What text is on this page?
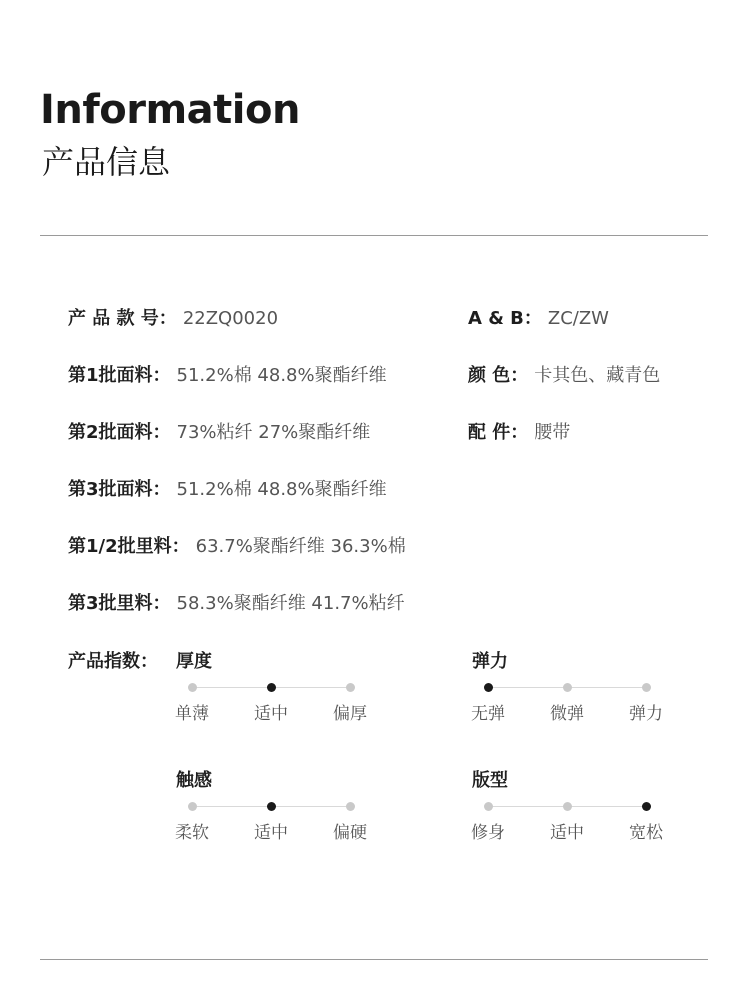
Information
产品信息
产 品 款 号： 22ZQ0020	A & B： ZC/ZW
第1批面料： 51.2%棉 48.8%聚酯纤维	颜 色： 卡其色、藏青色
第2批面料： 73%粘纤 27%聚酯纤维	配 件： 腰带
第3批面料： 51.2%棉 48.8%聚酯纤维
第1/2批里料： 63.7%聚酯纤维 36.3%棉
第3批里料： 58.3%聚酯纤维 41.7%粘纤
产品指数： 厚度
单薄	适中	偏厚
弹力
无弹	微弹	弹力
触感
柔软	适中	偏硬
版型
修身	适中	宽松
